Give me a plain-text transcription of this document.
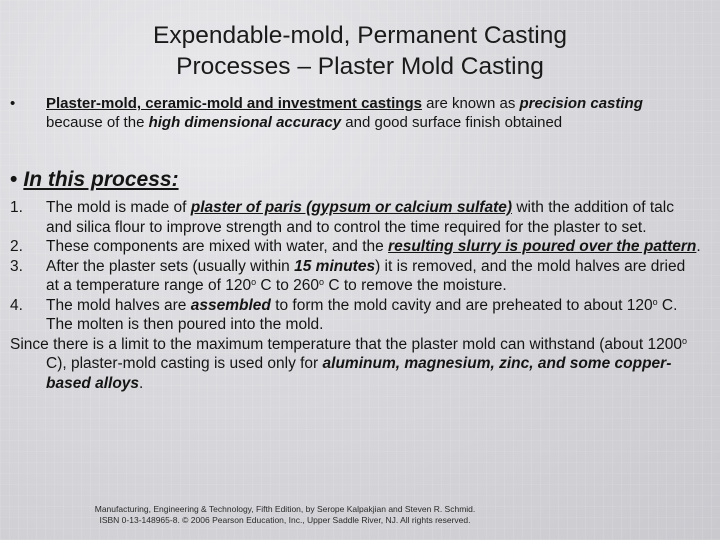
Expendable-mold, Permanent Casting
Processes – Plaster Mold Casting
•	Plaster-mold, ceramic-mold and investment castings are known as precision casting because of the high dimensional accuracy and good surface finish obtained
• In this process:
1. The mold is made of plaster of paris (gypsum or calcium sulfate) with the addition of talc and silica flour to improve strength and to control the time required for the plaster to set.
2. These components are mixed with water, and the resulting slurry is poured over the pattern.
3. After the plaster sets (usually within 15 minutes) it is removed, and the mold halves are dried at a temperature range of 120$^o$ C to 260$^o$ C to remove the moisture.
4. The mold halves are assembled to form the mold cavity and are preheated to about 120$^o$ C. The molten is then poured into the mold.
Since there is a limit to the maximum temperature that the plaster mold can withstand (about 1200$^o$ C), plaster-mold casting is used only for aluminum, magnesium, zinc, and some copper-based alloys.
Manufacturing, Engineering & Technology, Fifth Edition, by Serope Kalpakjian and Steven R. Schmid.
ISBN 0-13-148965-8. © 2006 Pearson Education, Inc., Upper Saddle River, NJ. All rights reserved.
